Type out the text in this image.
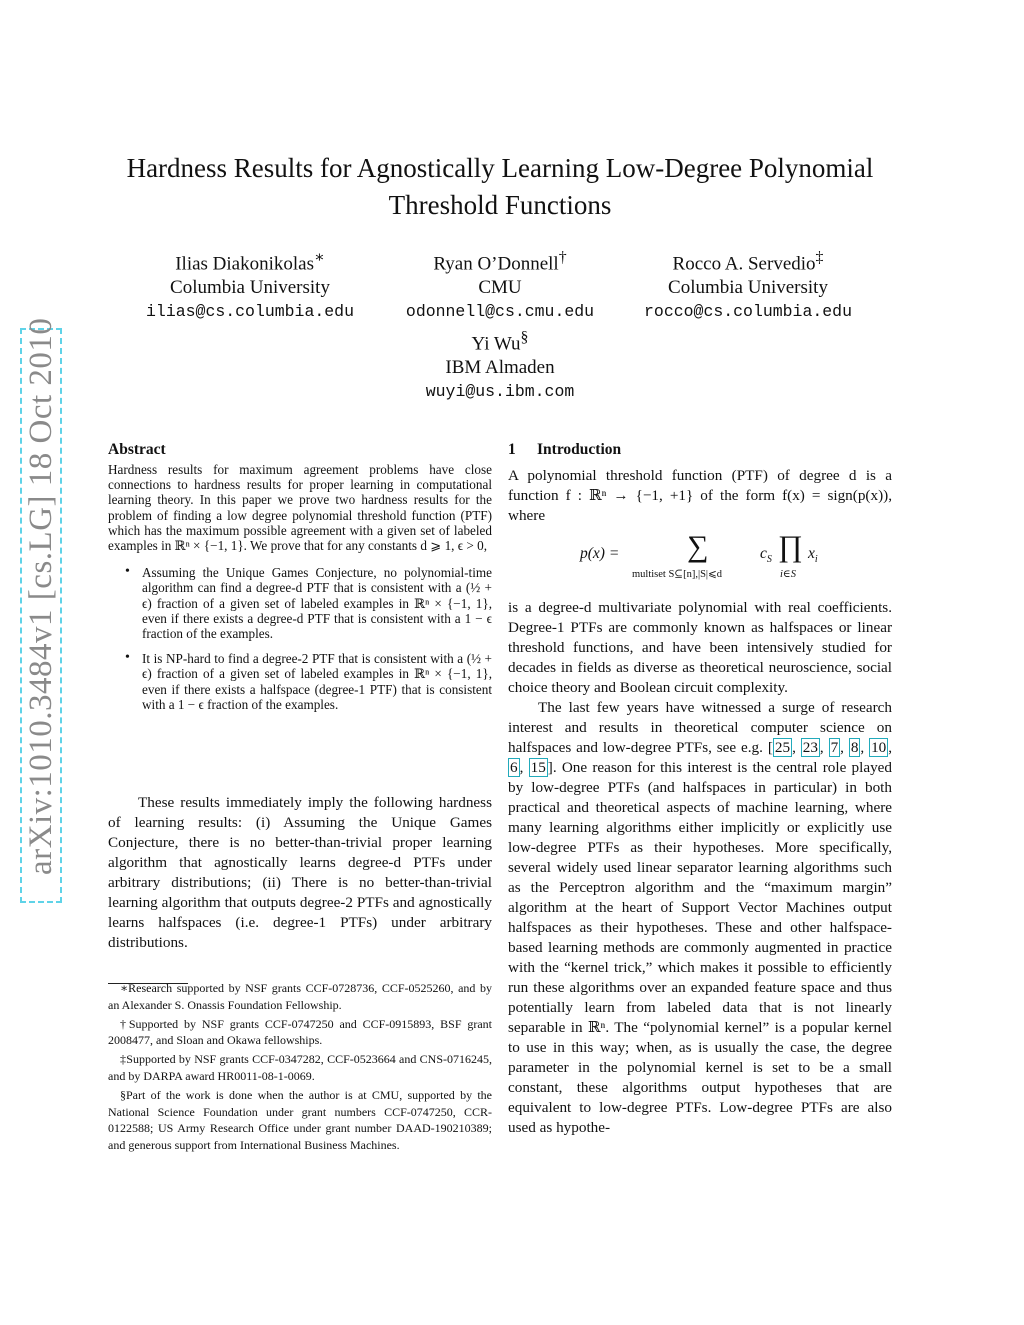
arXiv:1010.3484v1 [cs.LG] 18 Oct 2010
Hardness Results for Agnostically Learning Low-Degree Polynomial
Threshold Functions
Ilias Diakonikolas∗
Columbia University
ilias@cs.columbia.edu
Ryan O’Donnell†
CMU
odonnell@cs.cmu.edu
Rocco A. Servedio‡
Columbia University
rocco@cs.columbia.edu
Yi Wu§
IBM Almaden
wuyi@us.ibm.com
Abstract

Hardness results for maximum agreement problems have close connections to hardness results for proper learning in computational learning theory. In this paper we prove two hardness results for the problem of finding a low degree polynomial threshold function (PTF) which has the maximum possible agreement with a given set of labeled examples in ℝⁿ × {−1, 1}. We prove that for any constants d ⩾ 1, ϵ > 0,

• Assuming the Unique Games Conjecture, no polynomial-time algorithm can find a degree-d PTF that is consistent with a (½ + ϵ) fraction of a given set of labeled examples in ℝⁿ × {−1, 1}, even if there exists a degree-d PTF that is consistent with a 1 − ϵ fraction of the examples.
• It is NP-hard to find a degree-2 PTF that is consistent with a (½ + ϵ) fraction of a given set of labeled examples in ℝⁿ × {−1, 1}, even if there exists a halfspace (degree-1 PTF) that is consistent with a 1 − ϵ fraction of the examples.

These results immediately imply the following hardness of learning results: (i) Assuming the Unique Games Conjecture, there is no better-than-trivial proper learning algorithm that agnostically learns degree-d PTFs under arbitrary distributions; (ii) There is no better-than-trivial learning algorithm that outputs degree-2 PTFs and agnostically learns halfspaces (i.e. degree-1 PTFs) under arbitrary distributions.

∗Research supported by NSF grants CCF-0728736, CCF-0525260, and by an Alexander S. Onassis Foundation Fellowship.

†Supported by NSF grants CCF-0747250 and CCF-0915893, BSF grant 2008477, and Sloan and Okawa fellowships.

‡Supported by NSF grants CCF-0347282, CCF-0523664 and CNS-0716245, and by DARPA award HR0011-08-1-0069.

§Part of the work is done when the author is at CMU, supported by the National Science Foundation under grant numbers CCF-0747250, CCR-0122588; US Army Research Office under grant number DAAD-190210389; and generous support from International Business Machines.

1 Introduction

A polynomial threshold function (PTF) of degree d is a function f : ℝⁿ → {−1, +1} of the form f(x) = sign(p(x)), where

p(x) = ∑
multiset S⊆[n],|S|⩽d
$c_S$ ∏
i∈S
$x_i$

is a degree-d multivariate polynomial with real coefficients. Degree-1 PTFs are commonly known as halfspaces or linear threshold functions, and have been intensively studied for decades in fields as diverse as theoretical neuroscience, social choice theory and Boolean circuit complexity.

The last few years have witnessed a surge of research interest and results in theoretical computer science on halfspaces and low-degree PTFs, see e.g. [ 25 , 23 , 7 , 8 , 10 , 6 , 15 ]. One reason for this interest is the central role played by low-degree PTFs (and halfspaces in particular) in both practical and theoretical aspects of machine learning, where many learning algorithms either implicitly or explicitly use low-degree PTFs as their hypotheses. More specifically, several widely used linear separator learning algorithms such as the Perceptron algorithm and the “maximum margin” algorithm at the heart of Support Vector Machines output halfspaces as their hypotheses. These and other halfspace-based learning methods are commonly augmented in practice with the “kernel trick,” which makes it possible to efficiently run these algorithms over an expanded feature space and thus potentially learn from labeled data that is not linearly separable in ℝⁿ. The “polynomial kernel” is a popular kernel to use in this way; when, as is usually the case, the degree parameter in the polynomial kernel is set to be a small constant, these algorithms output hypotheses that are equivalent to low-degree PTFs. Low-degree PTFs are also used as hypothe-
